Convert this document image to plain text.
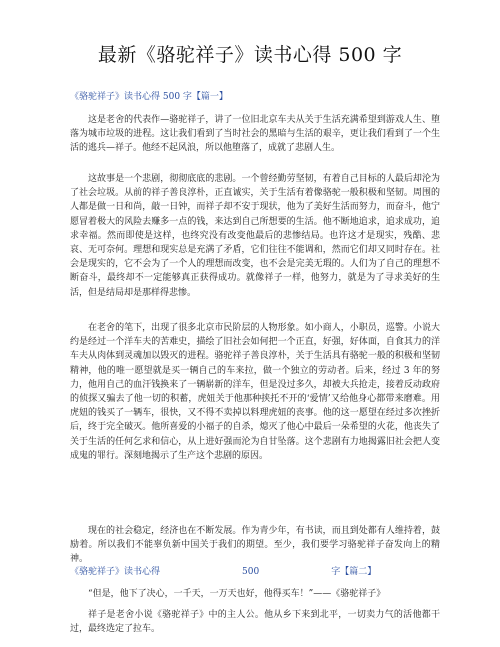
最新《骆驼祥子》读书心得 500 字
《骆驼祥子》读书心得 500 字【篇一】

这是老舍的代表作—骆驼祥子，讲了一位旧北京车夫从关于生活充满希望到游戏人生、堕落为城市垃圾的进程。这让我们看到了当时社会的黑暗与生活的艰辛，更让我们看到了一个生活的逃兵—祥子。他经不起风浪，所以他堕落了，成就了悲剧人生。

这故事是一个悲剧，彻彻底底的悲剧。一个曾经勤劳坚韧，有着自己目标的人最后却沦为了社会垃圾。从前的祥子善良淳朴，正直诚实，关于生活有着像骆驼一般积极和坚韧。周围的人都是做一日和尚，敲一日钟，而祥子却不安于现状，他为了美好生活而努力，而奋斗，他宁愿冒着极大的风险去赚多一点的钱，来达到自己所想要的生活。他不断地追求，追求成功，追求幸福。然而即使是这样，也终究没有改变他最后的悲惨结局。也许这才是现实，残酷、悲哀、无可奈何。理想和现实总是充满了矛盾，它们往往不能调和，然而它们却又同时存在。社会是现实的，它不会为了一个人的理想而改变，也不会是完美无瑕的。人们为了自己的理想不断奋斗，最终却不一定能够真正获得成功。就像祥子一样，他努力，就是为了寻求美好的生活，但是结局却是那样得悲惨。

在老舍的笔下，出现了很多北京市民阶层的人物形象。如小商人，小职员，巡警。小说大约是经过一个洋车夫的苦难史，描绘了旧社会如何把一个正直，好强，好体面，自食其力的洋车夫从肉体到灵魂加以毁灭的进程。骆驼祥子善良淳朴，关于生活具有骆驼一般的积极和坚韧精神，他的唯一愿望就是买一辆自己的车来拉，做一个独立的劳动者。后来，经过 3 年的努力，他用自己的血汗钱换来了一辆崭新的洋车，但是没过多久，却被大兵抢走，接着反动政府的侦探又骗去了他一切的积蓄，虎妞关于他那种挟托不开的‘爱情’又给他身心都带来磨难。用虎妞的钱买了一辆车，很快，又不得不卖掉以料理虎妞的丧事。他的这一愿望在经过多次挫折后，终于完全破灭。他所喜爱的小福子的自杀，熄灭了他心中最后一朵希望的火花，他丧失了关于生活的任何乞求和信心，从上进好强而沦为自甘坠落。这个悲剧有力地揭露旧社会把人变成鬼的罪行。深刻地揭示了生产这个悲剧的原因。

现在的社会稳定，经济也在不断发展。作为青少年，有书读，而且到处都有人维持着，鼓励着。所以我们不能辜负新中国关于我们的期望。至少，我们要学习骆驼祥子奋发向上的精神。

《骆驼祥子》读书心得	500	字【篇二】

“但是，他下了决心，一千天，一万天也好，他得买车！”——《骆驼祥子》

祥子是老舍小说《骆驼祥子》中的主人公。他从乡下来到北平，一切卖力气的活他都干过，最终选定了拉车。
